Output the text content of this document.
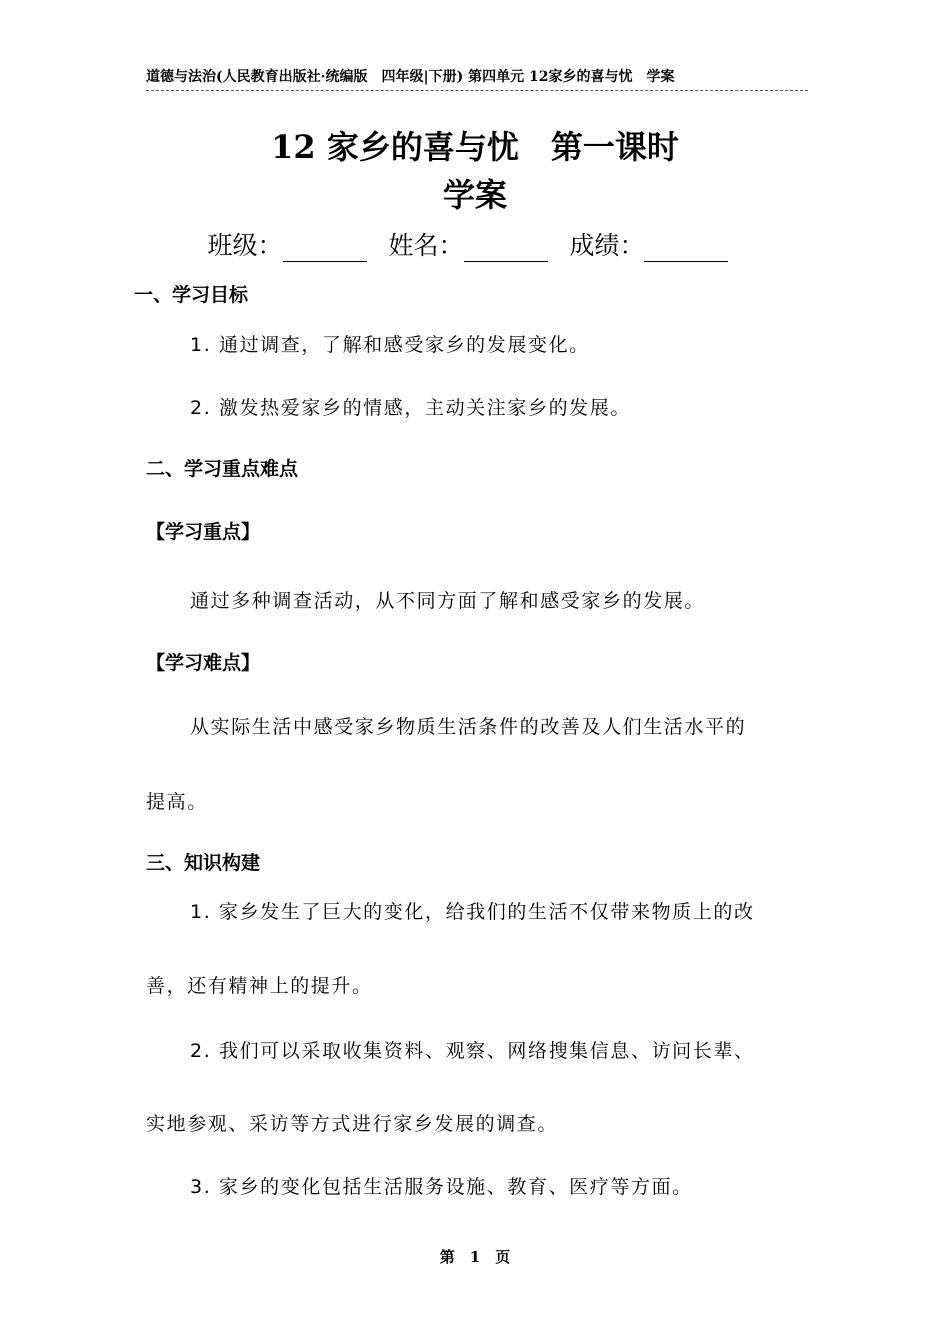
道德与法治(人民教育出版社·统编版　四年级|下册) 第四单元 12家乡的喜与忧　学案
12 家乡的喜与忧　第一课时
学案
班级：	姓名：	成绩：
一、学习目标
1. 通过调查，了解和感受家乡的发展变化。
2. 激发热爱家乡的情感，主动关注家乡的发展。
二、学习重点难点
【学习重点】
通过多种调查活动，从不同方面了解和感受家乡的发展。
【学习难点】
从实际生活中感受家乡物质生活条件的改善及人们生活水平的
提高。
三、知识构建
1. 家乡发生了巨大的变化，给我们的生活不仅带来物质上的改
善，还有精神上的提升。
2. 我们可以采取收集资料、观察、网络搜集信息、访问长辈、
实地参观、采访等方式进行家乡发展的调查。
3. 家乡的变化包括生活服务设施、教育、医疗等方面。
第　1　页
